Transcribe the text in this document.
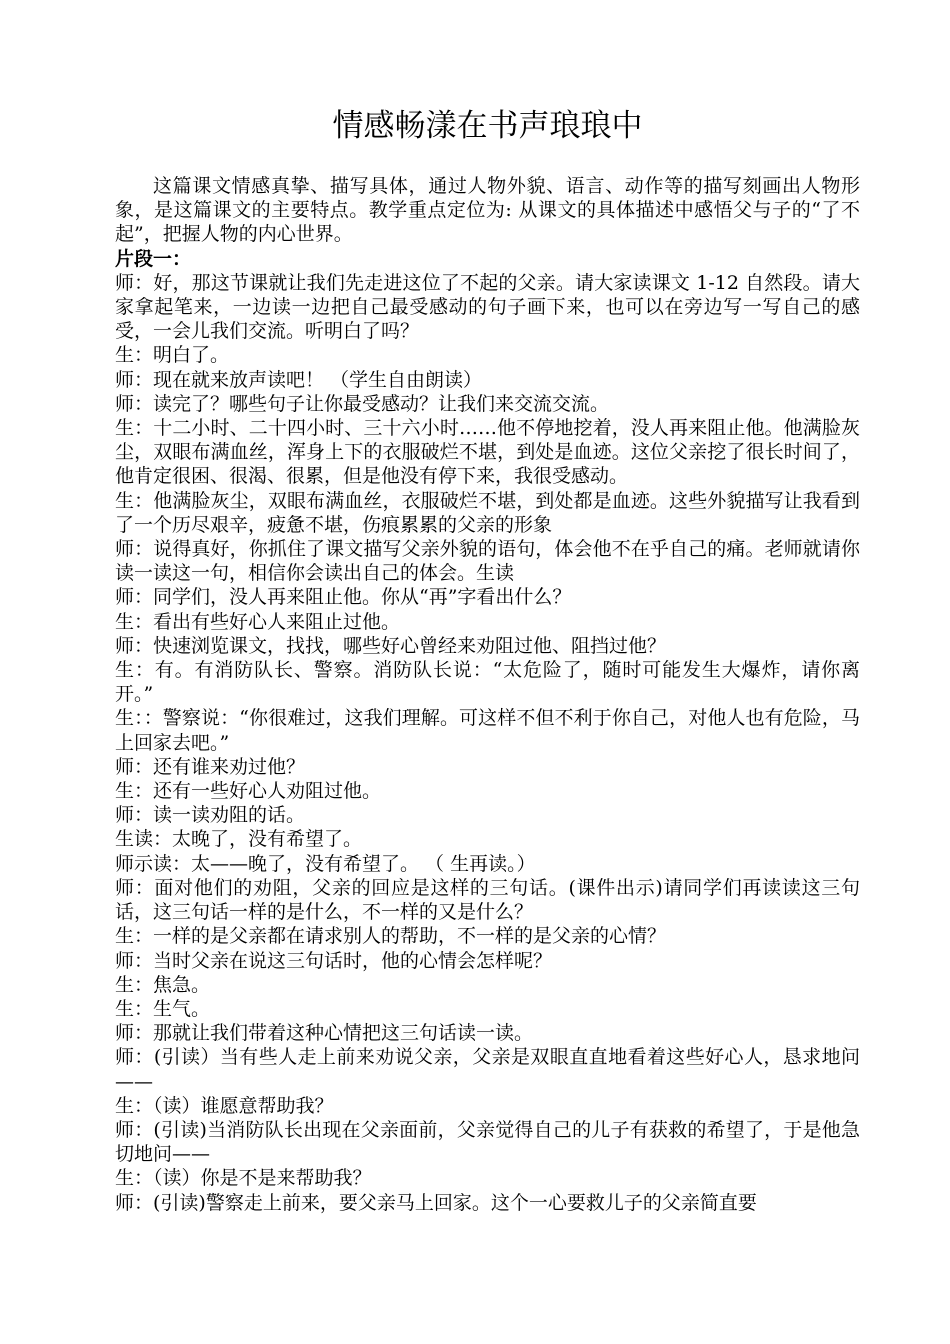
情感畅漾在书声琅琅中

这篇课文情感真挚、描写具体，通过人物外貌、语言、动作等的描写刻画出人物形象，是这篇课文的主要特点。教学重点定位为: 从课文的具体描述中感悟父与子的“了不起”，把握人物的内心世界。

片段一：

师：好，那这节课就让我们先走进这位了不起的父亲。请大家读课文 1-12 自然段。请大家拿起笔来，一边读一边把自己最受感动的句子画下来，也可以在旁边写一写自己的感受，一会儿我们交流。听明白了吗？

生：明白了。

师：现在就来放声读吧！ （学生自由朗读）

师：读完了？哪些句子让你最受感动？让我们来交流交流。

生：十二小时、二十四小时、三十六小时……他不停地挖着，没人再来阻止他。他满脸灰尘，双眼布满血丝，浑身上下的衣服破烂不堪，到处是血迹。这位父亲挖了很长时间了，他肯定很困、很渴、很累，但是他没有停下来，我很受感动。

生：他满脸灰尘，双眼布满血丝，衣服破烂不堪，到处都是血迹。这些外貌描写让我看到了一个历尽艰辛，疲惫不堪，伤痕累累的父亲的形象

师：说得真好，你抓住了课文描写父亲外貌的语句，体会他不在乎自己的痛。老师就请你读一读这一句，相信你会读出自己的体会。生读

师：同学们，没人再来阻止他。你从“再”字看出什么？

生：看出有些好心人来阻止过他。

师：快速浏览课文，找找，哪些好心曾经来劝阻过他、阻挡过他？

生：有。有消防队长、警察。消防队长说：“太危险了，随时可能发生大爆炸，请你离开。”

生：：警察说：“你很难过，这我们理解。可这样不但不利于你自己，对他人也有危险，马上回家去吧。”

师：还有谁来劝过他？

生：还有一些好心人劝阻过他。

师：读一读劝阻的话。

生读：太晚了，没有希望了。

师示读：太——晚了，没有希望了。 （ 生再读。）

师：面对他们的劝阻，父亲的回应是这样的三句话。(课件出示)请同学们再读读这三句话，这三句话一样的是什么，不一样的又是什么？

生：一样的是父亲都在请求别人的帮助，不一样的是父亲的心情？

师：当时父亲在说这三句话时，他的心情会怎样呢？

生：焦急。

生：生气。

师：那就让我们带着这种心情把这三句话读一读。

师：(引读）当有些人走上前来劝说父亲，父亲是双眼直直地看着这些好心人，恳求地问——

生：（读）谁愿意帮助我？

师：(引读)当消防队长出现在父亲面前，父亲觉得自己的儿子有获救的希望了，于是他急切地问——

生：（读）你是不是来帮助我？

师：(引读)警察走上前来，要父亲马上回家。这个一心要救儿子的父亲简直要
